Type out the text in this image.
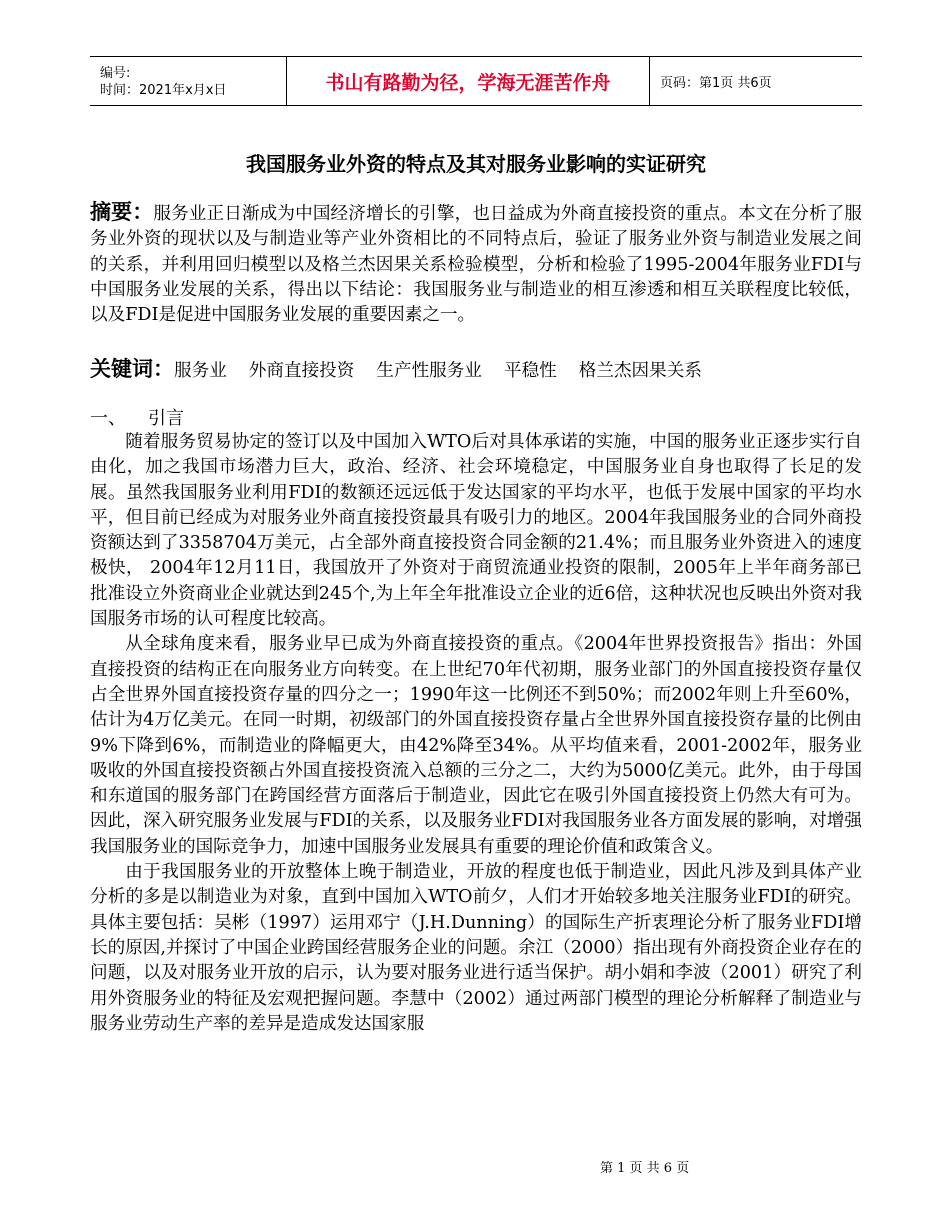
编号:
时间：2021年x月x日	书山有路勤为径，学海无涯苦作舟	页码：第1页 共6页
我国服务业外资的特点及其对服务业影响的实证研究
摘要：服务业正日渐成为中国经济增长的引擎，也日益成为外商直接投资的重点。本文在分析了服务业外资的现状以及与制造业等产业外资相比的不同特点后，验证了服务业外资与制造业发展之间的关系，并利用回归模型以及格兰杰因果关系检验模型，分析和检验了1995-2004年服务业FDI与中国服务业发展的关系，得出以下结论：我国服务业与制造业的相互渗透和相互关联程度比较低，以及FDI是促进中国服务业发展的重要因素之一。
关键词：服务业 外商直接投资 生产性服务业 平稳性 格兰杰因果关系
一、 引言

随着服务贸易协定的签订以及中国加入WTO后对具体承诺的实施，中国的服务业正逐步实行自由化，加之我国市场潜力巨大，政治、经济、社会环境稳定，中国服务业自身也取得了长足的发展。虽然我国服务业利用FDI的数额还远远低于发达国家的平均水平，也低于发展中国家的平均水平，但目前已经成为对服务业外商直接投资最具有吸引力的地区。2004年我国服务业的合同外商投资额达到了3358704万美元，占全部外商直接投资合同金额的21.4%；而且服务业外资进入的速度极快， 2004年12月11日，我国放开了外资对于商贸流通业投资的限制，2005年上半年商务部已批准设立外资商业企业就达到245个,为上年全年批准设立企业的近6倍，这种状况也反映出外资对我国服务市场的认可程度比较高。

从全球角度来看，服务业早已成为外商直接投资的重点。《2004年世界投资报告》指出：外国直接投资的结构正在向服务业方向转变。在上世纪70年代初期，服务业部门的外国直接投资存量仅占全世界外国直接投资存量的四分之一；1990年这一比例还不到50%；而2002年则上升至60%，估计为4万亿美元。在同一时期，初级部门的外国直接投资存量占全世界外国直接投资存量的比例由9%下降到6%，而制造业的降幅更大，由42%降至34%。从平均值来看，2001-2002年，服务业吸收的外国直接投资额占外国直接投资流入总额的三分之二，大约为5000亿美元。此外，由于母国和东道国的服务部门在跨国经营方面落后于制造业，因此它在吸引外国直接投资上仍然大有可为。因此，深入研究服务业发展与FDI的关系，以及服务业FDI对我国服务业各方面发展的影响，对增强我国服务业的国际竞争力，加速中国服务业发展具有重要的理论价值和政策含义。

由于我国服务业的开放整体上晚于制造业，开放的程度也低于制造业，因此凡涉及到具体产业分析的多是以制造业为对象，直到中国加入WTO前夕，人们才开始较多地关注服务业FDI的研究。具体主要包括：吴彬（1997）运用邓宁（J.H.Dunning）的国际生产折衷理论分析了服务业FDI增长的原因,并探讨了中国企业跨国经营服务企业的问题。余江（2000）指出现有外商投资企业存在的问题，以及对服务业开放的启示，认为要对服务业进行适当保护。胡小娟和李波（2001）研究了利用外资服务业的特征及宏观把握问题。李慧中（2002）通过两部门模型的理论分析解释了制造业与服务业劳动生产率的差异是造成发达国家服

第 1 页 共 6 页
